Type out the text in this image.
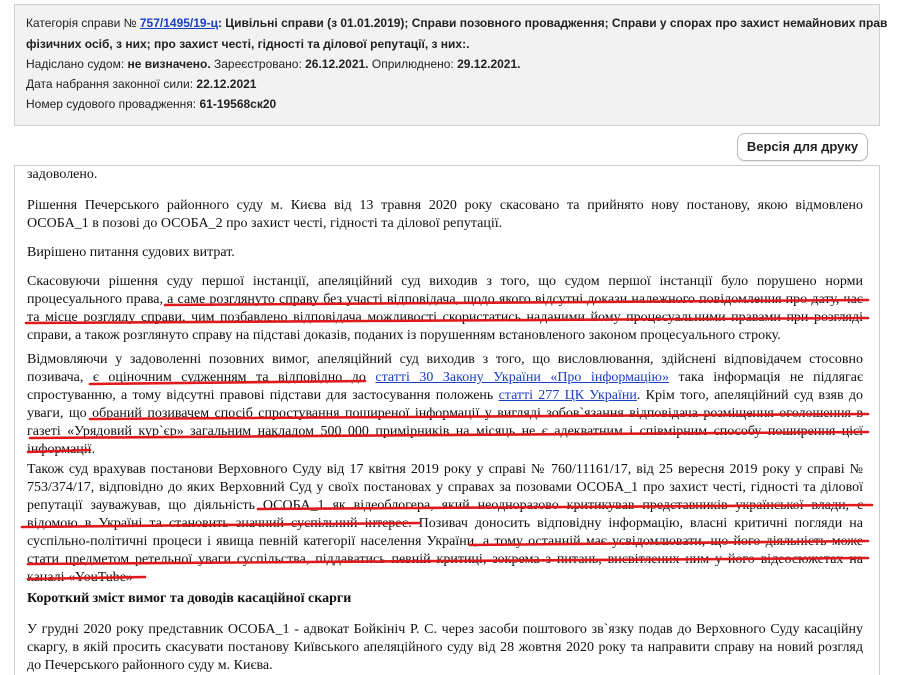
Категорія справи № 757/1495/19-ц: Цивільні справи (з 01.01.2019); Справи позовного провадження; Справи у спорах про захист немайнових прав
фізичних осіб, з них; про захист честі, гідності та ділової репутації, з них:.
Надіслано судом: не визначено. Зареєстровано: 26.12.2021. Оприлюднено: 29.12.2021.
Дата набрання законної сили: 22.12.2021
Номер судового провадження: 61-19568ск20
Версія для друку
задоволено.
Рішення Печерського районного суду м. Києва від 13 травня 2020 року скасовано та прийнято нову постанову, якою відмовлено
ОСОБА_1 в позові до ОСОБА_2 про захист честі, гідності та ділової репутації.
Вирішено питання судових витрат.
Скасовуючи рішення суду першої інстанції, апеляційний суд виходив з того, що судом першої інстанції було порушено норми
процесуального права, а саме розглянуто справу без участі відповідача, щодо якого відсутні докази належного повідомлення про дату, час
та місце розгляду справи, чим позбавлено відповідача можливості скористатись наданими йому процесуальними правами при розгляді
справи, а також розглянуто справу на підставі доказів, поданих із порушенням встановленого законом процесуального строку.
Відмовляючи у задоволенні позовних вимог, апеляційний суд виходив з того, що висловлювання, здійснені відповідачем стосовно
позивача, є оціночним судженням та відповідно до статті 30 Закону України «Про інформацію» така інформація не підлягає
спростуванню, а тому відсутні правові підстави для застосування положень статті 277 ЦК України. Крім того, апеляційний суд взяв до
уваги, що обраний позивачем спосіб спростування поширеної інформації у вигляді зобов`язання відповідача розміщення оголошення в
газеті «Урядовий кур`єр» загальним накладом 500 000 примірників на місяць не є адекватним і співмірним способу поширення цієї
інформації.
Також суд врахував постанови Верховного Суду від 17 квітня 2019 року у справі № 760/11161/17, від 25 вересня 2019 року у справі №
753/374/17, відповідно до яких Верховний Суд у своїх постановах у справах за позовами ОСОБА_1 про захист честі, гідності та ділової
репутації зауважував, що діяльність ОСОБА_1 як відеоблогера, який неодноразово критикував представників української влади, є
відомою в Україні та становить значний суспільний інтерес. Позивач доносить відповідну інформацію, власні критичні погляди на
суспільно-політичні процеси і явища певній категорії населення України, а тому останній має усвідомлювати, що його діяльність може
стати предметом ретельної уваги суспільства, піддаватись певній критиці, зокрема з питань, висвітлених ним у його відеосюжетах на
каналі «YouTube»
Короткий зміст вимог та доводів касаційної скарги
У грудні 2020 року представник ОСОБА_1 - адвокат Бойкініч Р. С. через засоби поштового зв`язку подав до Верховного Суду касаційну
скаргу, в якій просить скасувати постанову Київського апеляційного суду від 28 жовтня 2020 року та направити справу на новий розгляд
до Печерського районного суду м. Києва.
